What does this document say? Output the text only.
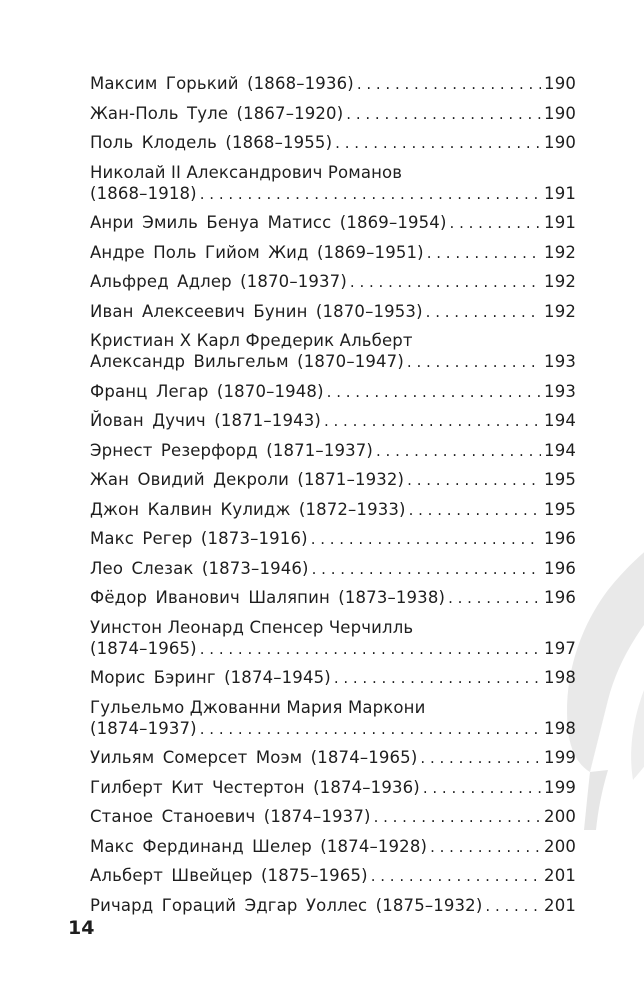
Максим Горький (1868–1936) . . .	190
Жан-Поль Туле (1867–1920) . . .	190
Поль Клодель (1868–1955) . . .	190
Николай II Александрович Романов
(1868–1918) . . .	191
Анри Эмиль Бенуа Матисс (1869–1954) . . .	191
Андре Поль Гийом Жид (1869–1951) . . .	192
Альфред Адлер (1870–1937) . . .	192
Иван Алексеевич Бунин (1870–1953) . . .	192
Кристиан X Карл Фредерик Альберт
Александр Вильгельм (1870–1947) . . .	193
Франц Легар (1870–1948) . . .	193
Йован Дучич (1871–1943) . . .	194
Эрнест Резерфорд (1871–1937) . . .	194
Жан Овидий Декроли (1871–1932) . . .	195
Джон Калвин Кулидж (1872–1933) . . .	195
Макс Регер (1873–1916) . . .	196
Лео Слезак (1873–1946) . . .	196
Фёдор Иванович Шаляпин (1873–1938) . . .	196
Уинстон Леонард Спенсер Черчилль
(1874–1965) . . .	197
Морис Бэринг (1874–1945) . . .	198
Гульельмо Джованни Мария Маркони
(1874–1937) . . .	198
Уильям Сомерсет Моэм (1874–1965) . . .	199
Гилберт Кит Честертон (1874–1936) . . .	199
Станое Станоевич (1874–1937) . . .	200
Макс Фердинанд Шелер (1874–1928) . . .	200
Альберт Швейцер (1875–1965) . . .	201
Ричард Гораций Эдгар Уоллес (1875–1932) . . .	201
14
